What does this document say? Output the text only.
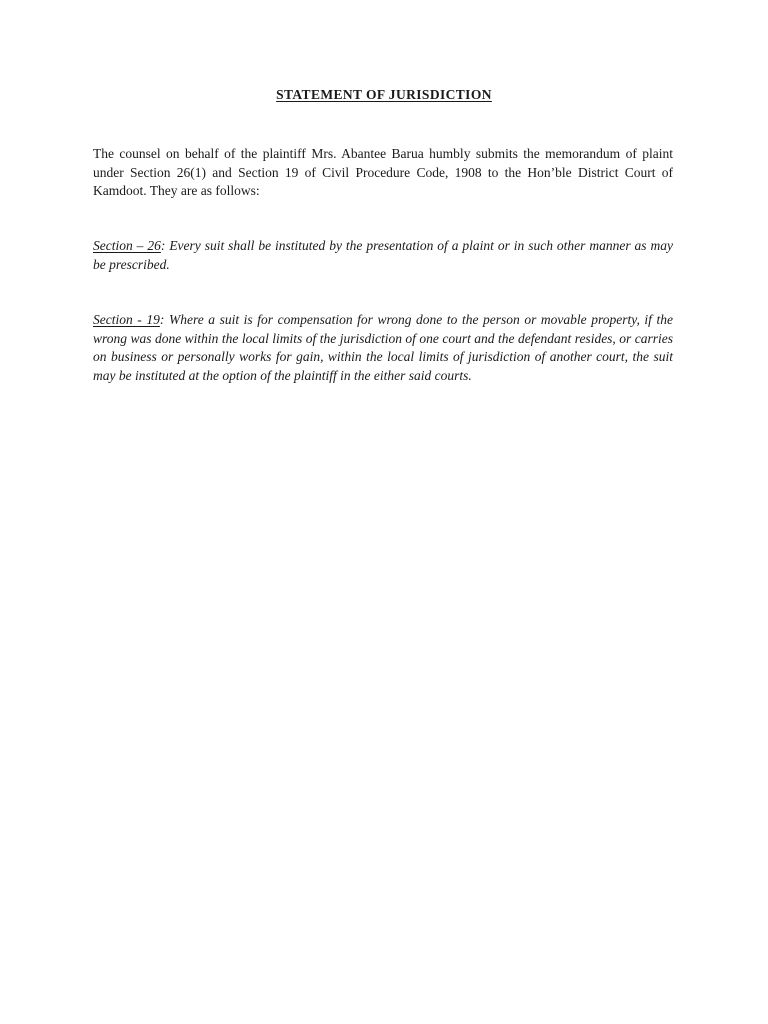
STATEMENT OF JURISDICTION

The counsel on behalf of the plaintiff Mrs. Abantee Barua humbly submits the memorandum of plaint under Section 26(1) and Section 19 of Civil Procedure Code, 1908 to the Hon’ble District Court of Kamdoot. They are as follows:

Section – 26: Every suit shall be instituted by the presentation of a plaint or in such other manner as may be prescribed.

Section - 19: Where a suit is for compensation for wrong done to the person or movable property, if the wrong was done within the local limits of the jurisdiction of one court and the defendant resides, or carries on business or personally works for gain, within the local limits of jurisdiction of another court, the suit may be instituted at the option of the plaintiff in the either said courts.
